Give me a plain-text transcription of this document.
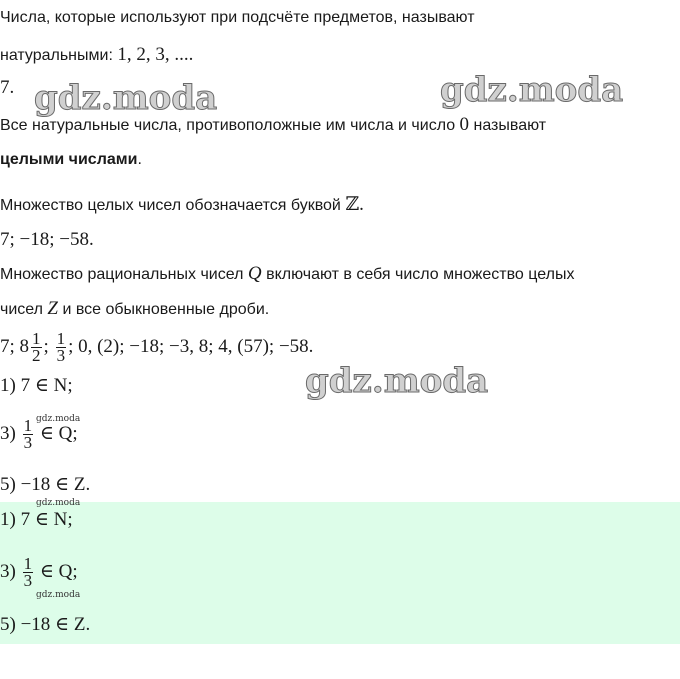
Числа, которые используют при подсчёте предметов, называют
натуральными: 1, 2, 3, ....
7.
Все натуральные числа, противоположные им числа и число 0 называют
целыми числами.
Множество целых чисел обозначается буквой ℤ.
7; −18; −58.
Множество рациональных чисел Q включают в себя число множество целых
чисел Z и все обыкновенные дроби.
7; $8 \frac{1}{2}$ ; $\frac{1}{3}$ ; 0, (2); −18; −3, 8; 4, (57); −58.
1) 7 ∈ N;
$3) \frac{1}{3}$ ∈ Q;
5) −18 ∈ Z.
1) 7 ∈ N;
$3) \frac{1}{3}$ ∈ Q;
5) −18 ∈ Z.
gdz.moda	gdz.moda
gdz.moda
gdz.moda
gdz.moda
gdz.moda
